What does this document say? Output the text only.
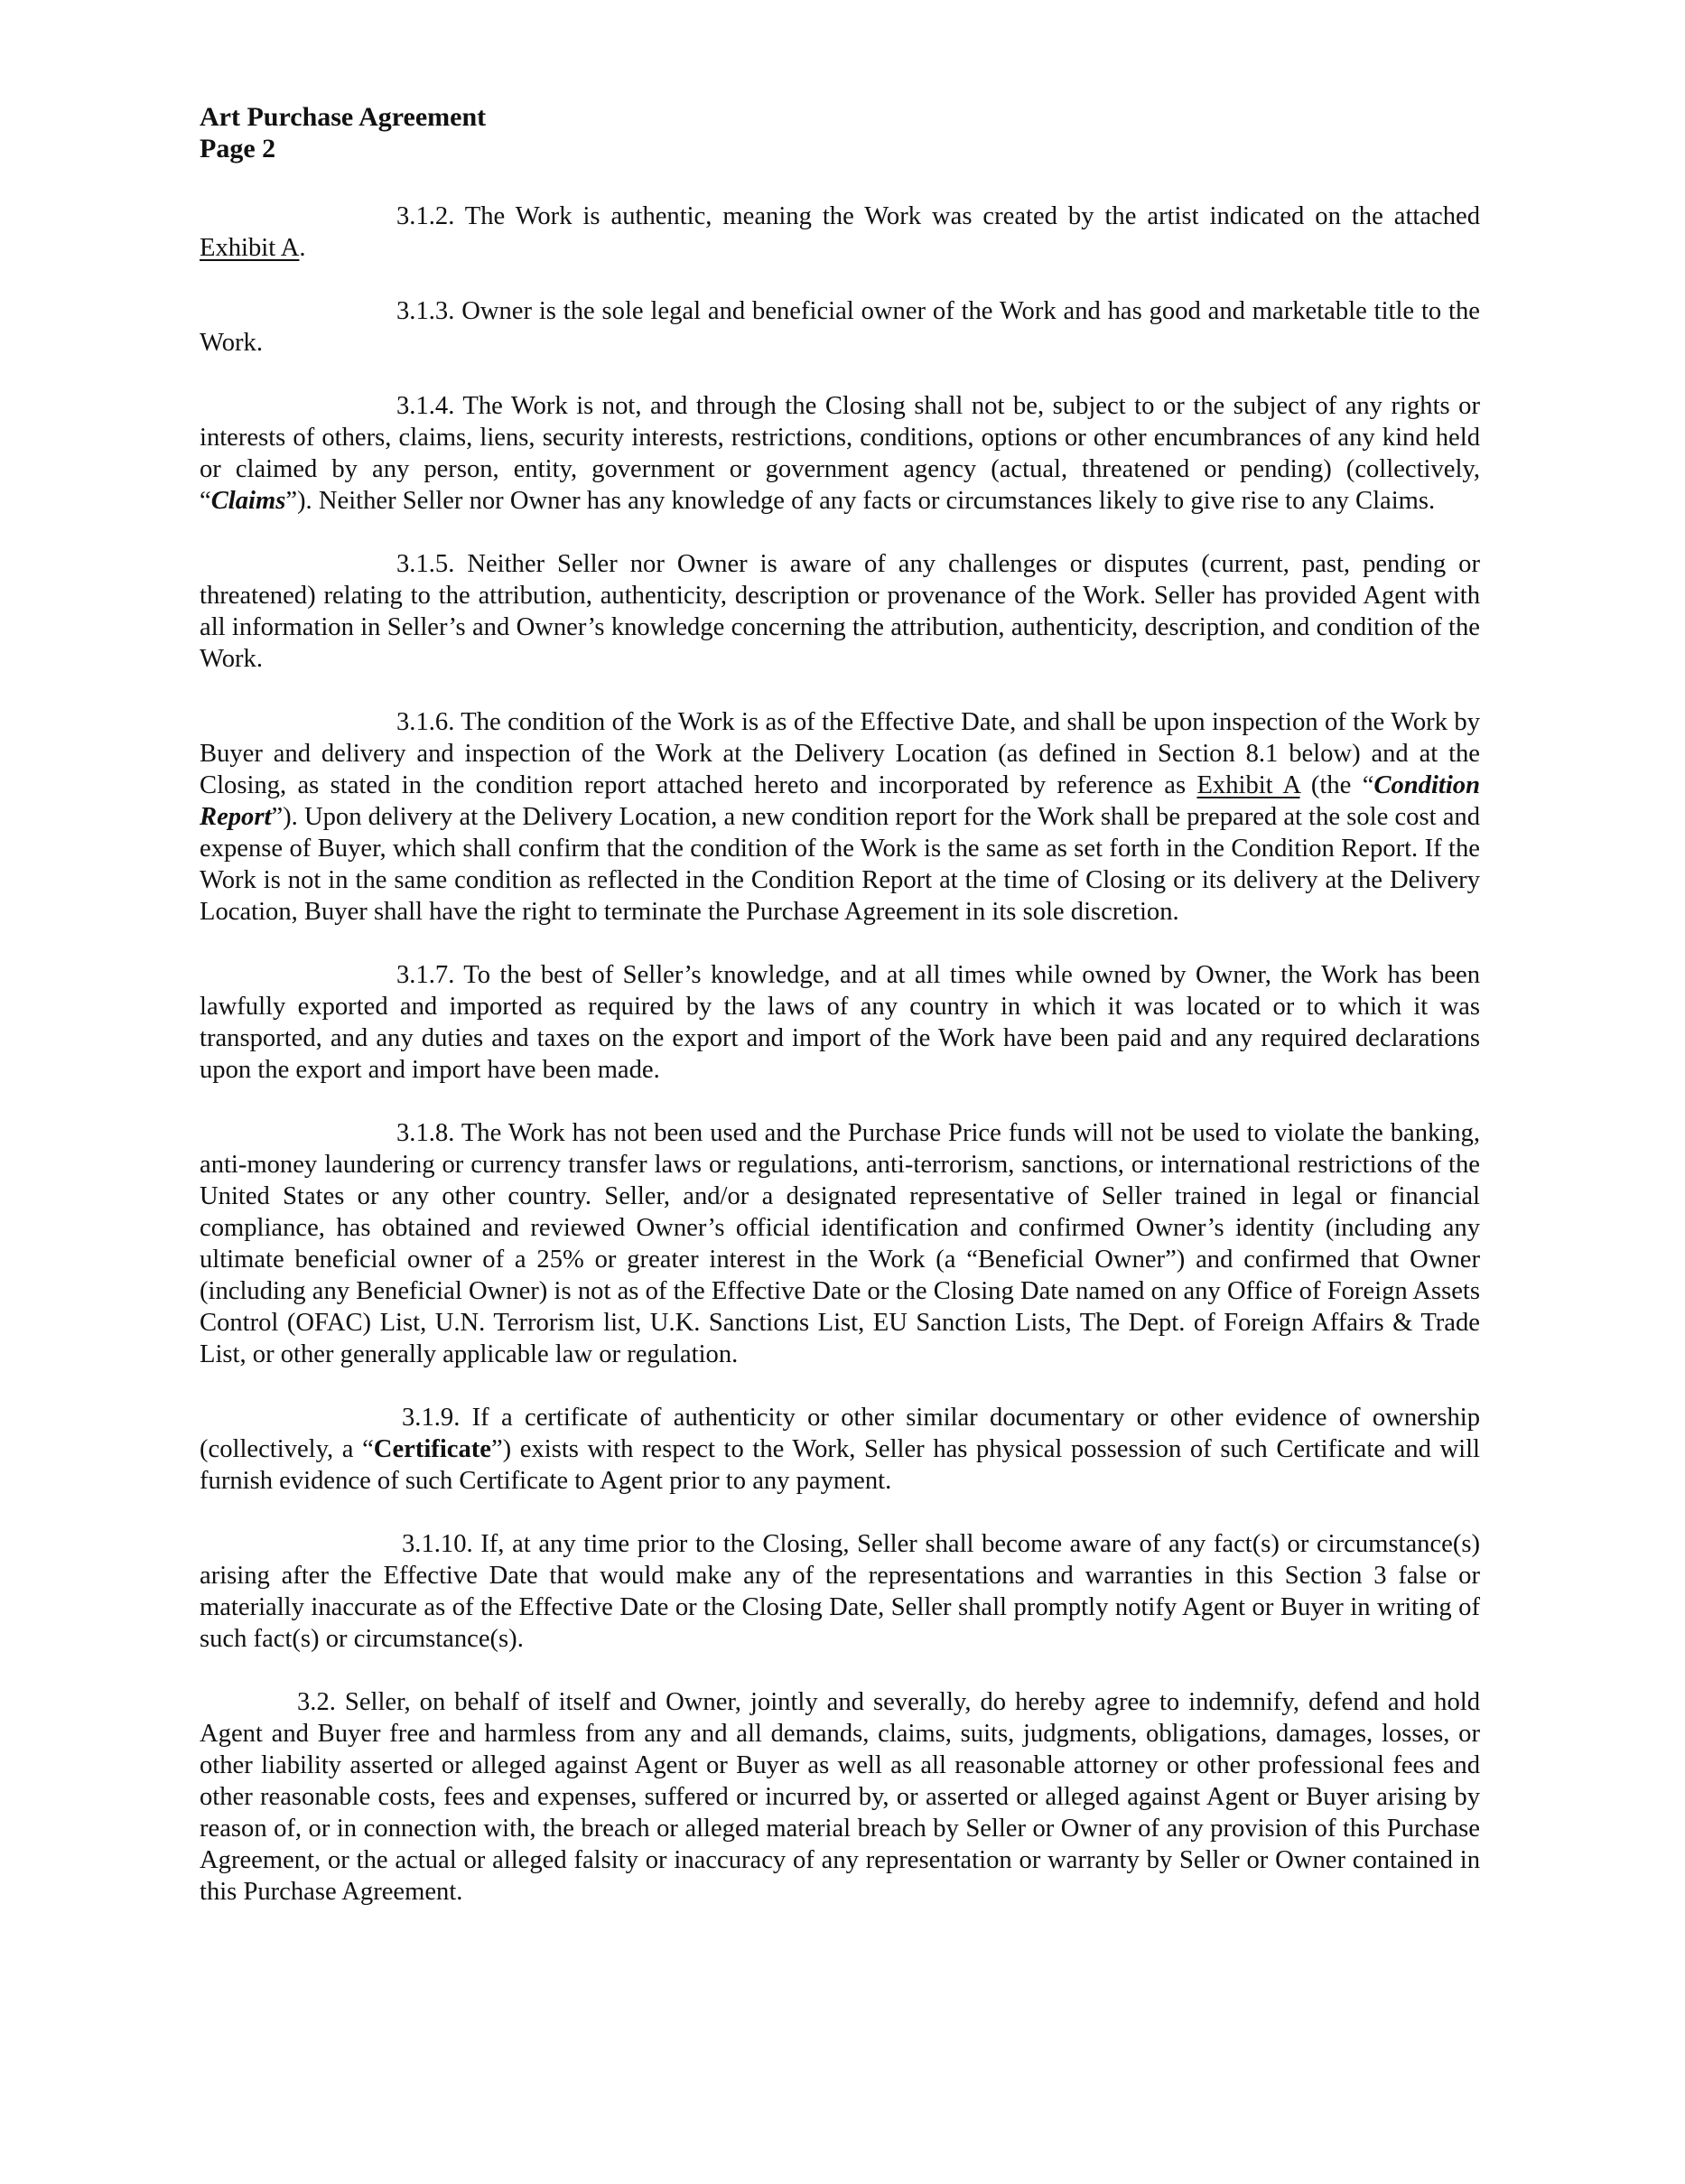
Art Purchase Agreement
Page 2

3.1.2. The Work is authentic, meaning the Work was created by the artist indicated on the attached Exhibit A.

3.1.3. Owner is the sole legal and beneficial owner of the Work and has good and marketable title to the Work.

3.1.4. The Work is not, and through the Closing shall not be, subject to or the subject of any rights or interests of others, claims, liens, security interests, restrictions, conditions, options or other encumbrances of any kind held or claimed by any person, entity, government or government agency (actual, threatened or pending) (collectively, “Claims”). Neither Seller nor Owner has any knowledge of any facts or circumstances likely to give rise to any Claims.

3.1.5. Neither Seller nor Owner is aware of any challenges or disputes (current, past, pending or threatened) relating to the attribution, authenticity, description or provenance of the Work. Seller has provided Agent with all information in Seller’s and Owner’s knowledge concerning the attribution, authenticity, description, and condition of the Work.

3.1.6. The condition of the Work is as of the Effective Date, and shall be upon inspection of the Work by Buyer and delivery and inspection of the Work at the Delivery Location (as defined in Section 8.1 below) and at the Closing, as stated in the condition report attached hereto and incorporated by reference as Exhibit A (the “Condition Report”). Upon delivery at the Delivery Location, a new condition report for the Work shall be prepared at the sole cost and expense of Buyer, which shall confirm that the condition of the Work is the same as set forth in the Condition Report. If the Work is not in the same condition as reflected in the Condition Report at the time of Closing or its delivery at the Delivery Location, Buyer shall have the right to terminate the Purchase Agreement in its sole discretion.

3.1.7. To the best of Seller’s knowledge, and at all times while owned by Owner, the Work has been lawfully exported and imported as required by the laws of any country in which it was located or to which it was transported, and any duties and taxes on the export and import of the Work have been paid and any required declarations upon the export and import have been made.

3.1.8. The Work has not been used and the Purchase Price funds will not be used to violate the banking, anti-money laundering or currency transfer laws or regulations, anti-terrorism, sanctions, or international restrictions of the United States or any other country. Seller, and/or a designated representative of Seller trained in legal or financial compliance, has obtained and reviewed Owner’s official identification and confirmed Owner’s identity (including any ultimate beneficial owner of a 25% or greater interest in the Work (a “Beneficial Owner”) and confirmed that Owner (including any Beneficial Owner) is not as of the Effective Date or the Closing Date named on any Office of Foreign Assets Control (OFAC) List, U.N. Terrorism list, U.K. Sanctions List, EU Sanction Lists, The Dept. of Foreign Affairs & Trade List, or other generally applicable law or regulation.

3.1.9. If a certificate of authenticity or other similar documentary or other evidence of ownership (collectively, a “Certificate”) exists with respect to the Work, Seller has physical possession of such Certificate and will furnish evidence of such Certificate to Agent prior to any payment.

3.1.10. If, at any time prior to the Closing, Seller shall become aware of any fact(s) or circumstance(s) arising after the Effective Date that would make any of the representations and warranties in this Section 3 false or materially inaccurate as of the Effective Date or the Closing Date, Seller shall promptly notify Agent or Buyer in writing of such fact(s) or circumstance(s).

3.2. Seller, on behalf of itself and Owner, jointly and severally, do hereby agree to indemnify, defend and hold Agent and Buyer free and harmless from any and all demands, claims, suits, judgments, obligations, damages, losses, or other liability asserted or alleged against Agent or Buyer as well as all reasonable attorney or other professional fees and other reasonable costs, fees and expenses, suffered or incurred by, or asserted or alleged against Agent or Buyer arising by reason of, or in connection with, the breach or alleged material breach by Seller or Owner of any provision of this Purchase Agreement, or the actual or alleged falsity or inaccuracy of any representation or warranty by Seller or Owner contained in this Purchase Agreement.
